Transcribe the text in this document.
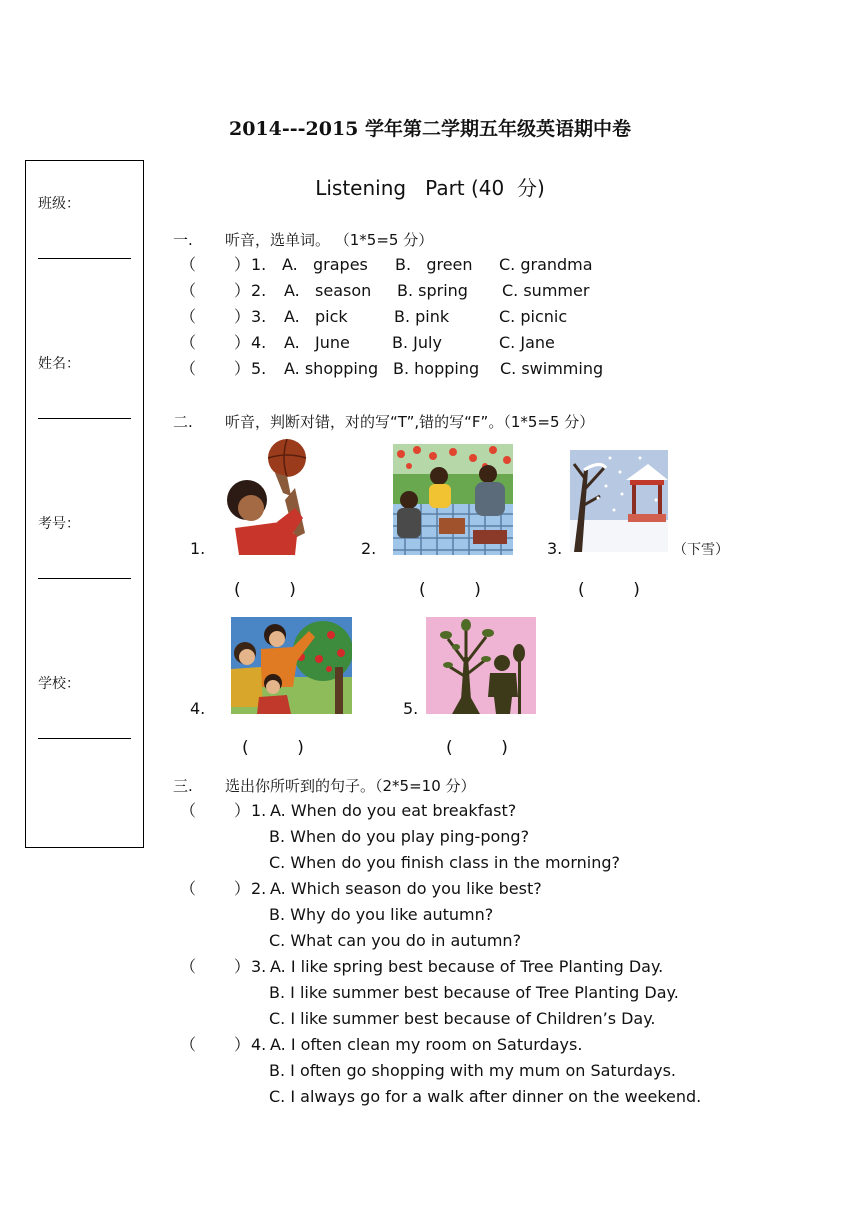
2014---2015 学年第二学期五年级英语期中卷
Listening   Part (40  分)
班级：
姓名：
考号：
学校：
一. 听音，选单词。 （1*5=5 分）
（ ） 1. A.   grapes B.   green C. grandma
（ ） 2. A.   season B. spring C. summer
（ ） 3. A.   pick	B. pink	C. picnic
（ ） 4. A.   June	B. July	C. Jane
（ ） 5. A. shopping B. hopping C. swimming
二. 听音，判断对错，对的写“T”,错的写“F”。（1*5=5 分）
1.
(         )
2.
(         )
3.	（下雪）
(         )
4.
(         )
5.
(         )
三. 选出你所听到的句子。（2*5=10 分）
（ ） 1. A. When do you eat breakfast?
B. When do you play ping-pong?
C. When do you finish class in the morning?
（ ） 2. A. Which season do you like best?
B. Why do you like autumn?
C. What can you do in autumn?
（ ） 3. A. I like spring best because of Tree Planting Day.
B. I like summer best because of Tree Planting Day.
C. I like summer best because of Children’s Day.
（ ） 4. A. I often clean my room on Saturdays.
B. I often go shopping with my mum on Saturdays.
C. I always go for a walk after dinner on the weekend.
